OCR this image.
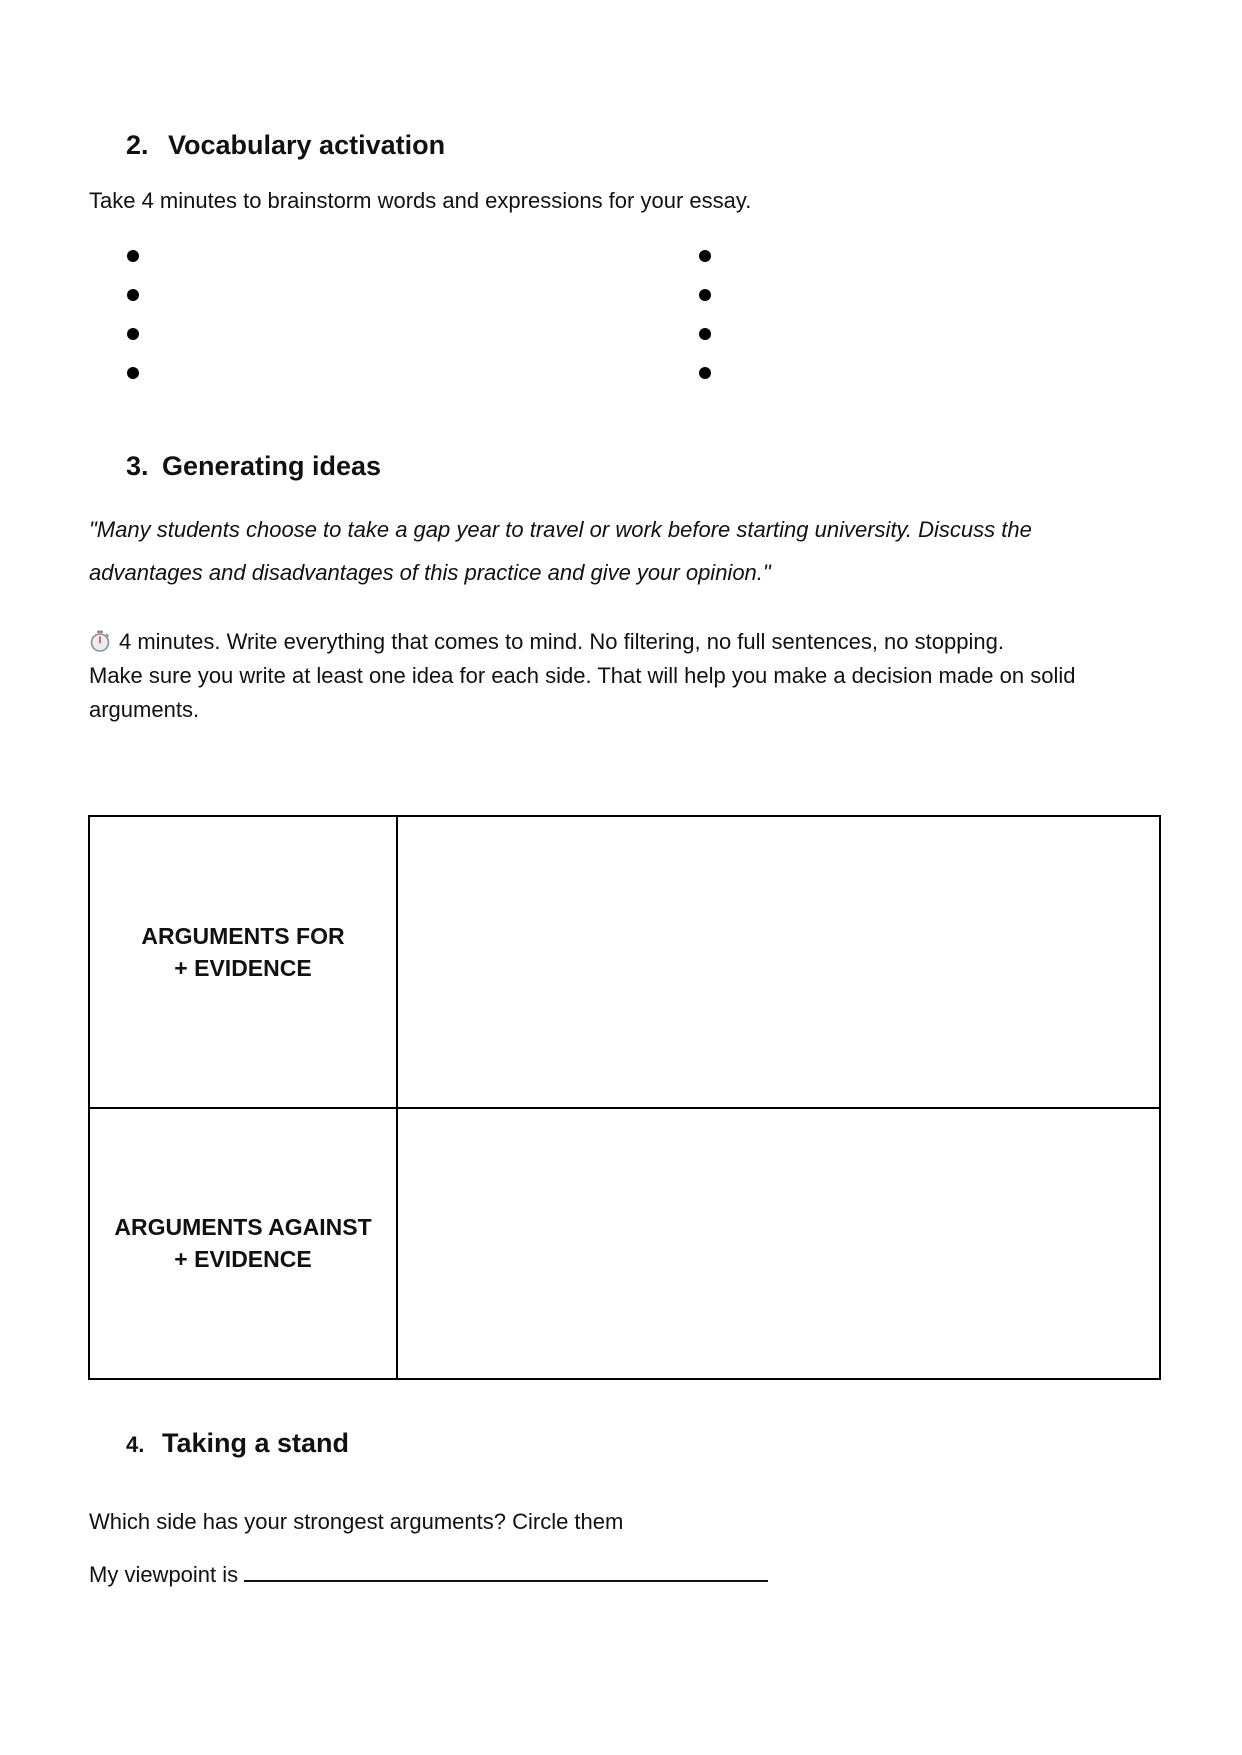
2. Vocabulary activation
Take 4 minutes to brainstorm words and expressions for your essay.
3. Generating ideas
"Many students choose to take a gap year to travel or work before starting university. Discuss the
advantages and disadvantages of this practice and give your opinion."
4 minutes. Write everything that comes to mind. No filtering, no full sentences, no stopping.
Make sure you write at least one idea for each side. That will help you make a decision made on solid
arguments.
ARGUMENTS FOR
+ EVIDENCE
ARGUMENTS AGAINST
+ EVIDENCE
4. Taking a stand
Which side has your strongest arguments? Circle them
My viewpoint is
